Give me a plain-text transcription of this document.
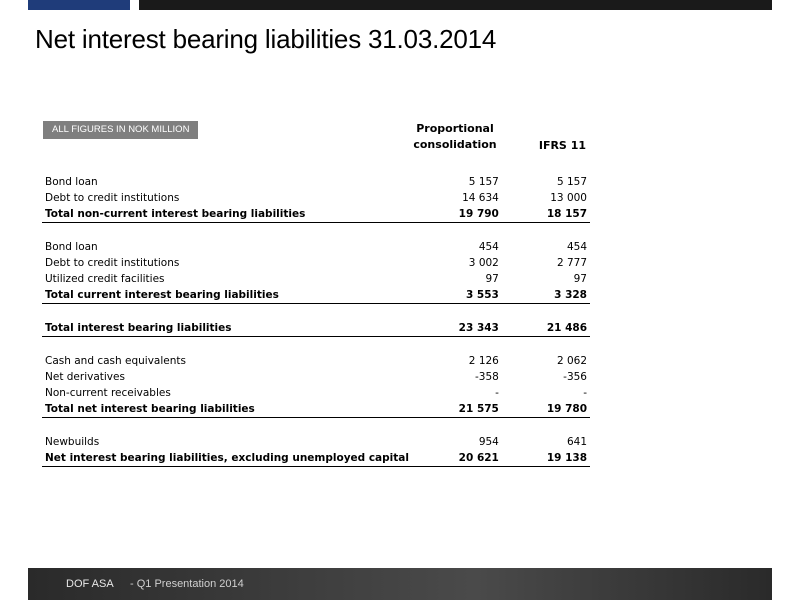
Net interest bearing liabilities 31.03.2014
ALL FIGURES IN NOK MILLION	Proportional
consolidation	IFRS 11
Bond loan	5 157	5 157
Debt to credit institutions	14 634	13 000
Total non-current interest bearing liabilities	19 790	18 157

Bond loan	454	454
Debt to credit institutions	3 002	2 777
Utilized credit facilities	97	97
Total current interest bearing liabilities	3 553	3 328

Total interest bearing liabilities	23 343	21 486

Cash and cash equivalents	2 126	2 062
Net derivatives	-358	-356
Non-current receivables	-	-
Total net interest bearing liabilities	21 575	19 780

Newbuilds	954	641
Net interest bearing liabilities, excluding unemployed capital	20 621	19 138
DOF ASA - Q1 Presentation 2014
